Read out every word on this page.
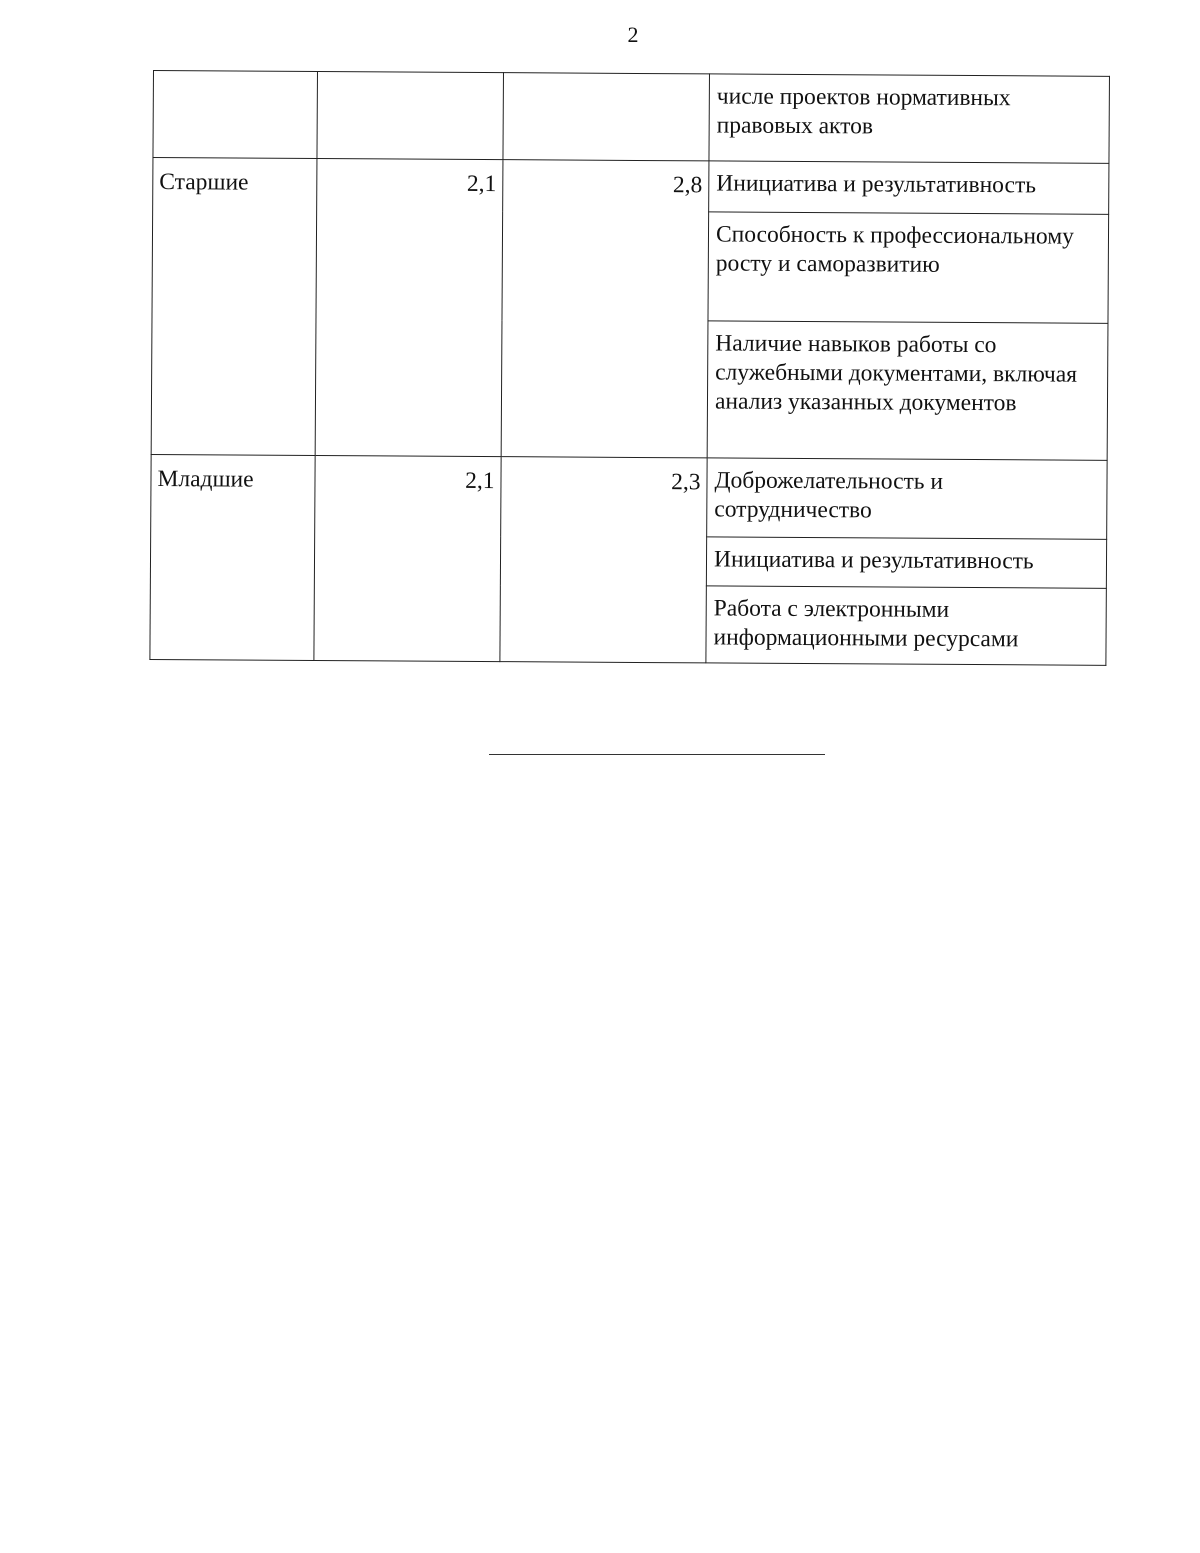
2
			числе проектов нормативных правовых актов
Старшие	2,1	2,8	Инициатива и результативность
			Способность к профессиональному росту и саморазвитию
			Наличие навыков работы со служебными документами, включая анализ указанных документов
Младшие	2,1	2,3	Доброжелательность и сотрудничество
			Инициатива и результативность
			Работа с электронными информационными ресурсами
